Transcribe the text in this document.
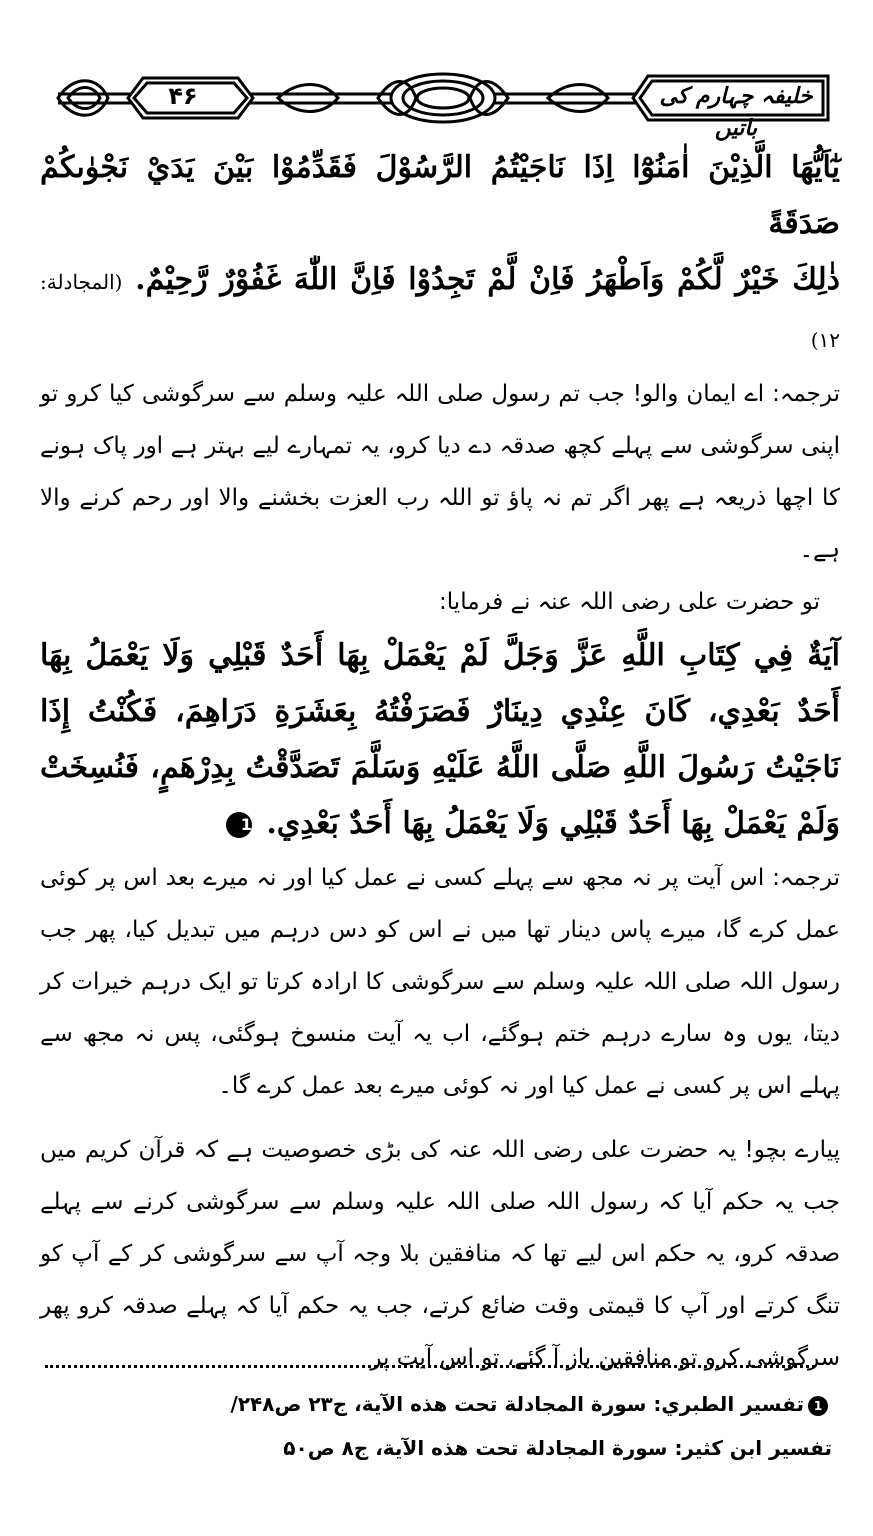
۴۶	خلیفہ چہارم کی باتیں

يٰٓاَيُّهَا الَّذِيْنَ اٰمَنُوْٓا اِذَا نَاجَيْتُمُ الرَّسُوْلَ فَقَدِّمُوْا بَيْنَ يَدَيْ نَجْوٰىكُمْ صَدَقَةً

ذٰلِكَ خَيْرٌ لَّكُمْ وَاَطْهَرُ فَاِنْ لَّمْ تَجِدُوْا فَاِنَّ اللّٰهَ غَفُوْرٌ رَّحِيْمٌ. (المجادلة: ۱۲)

ترجمہ: اے ایمان والو! جب تم رسول صلی اللہ علیہ وسلم سے سرگوشی کیا کرو تو اپنی سرگوشی سے پہلے کچھ صدقہ دے دیا کرو، یہ تمہارے لیے بہتر ہے اور پاک ہونے کا اچھا ذریعہ ہے پھر اگر تم نہ پاؤ تو اللہ رب العزت بخشنے والا اور رحم کرنے والا ہے۔

تو حضرت علی رضی اللہ عنہ نے فرمایا:

آيَةٌ فِي كِتَابِ اللَّهِ عَزَّ وَجَلَّ لَمْ يَعْمَلْ بِهَا أَحَدٌ قَبْلِي وَلَا يَعْمَلُ بِهَا أَحَدٌ بَعْدِي، كَانَ عِنْدِي دِينَارٌ فَصَرَفْتُهُ بِعَشَرَةِ دَرَاهِمَ، فَكُنْتُ إِذَا نَاجَيْتُ رَسُولَ اللَّهِ صَلَّى اللَّهُ عَلَيْهِ وَسَلَّمَ تَصَدَّقْتُ بِدِرْهَمٍ، فَنُسِخَتْ وَلَمْ يَعْمَلْ بِهَا أَحَدٌ قَبْلِي وَلَا يَعْمَلُ بِهَا أَحَدٌ بَعْدِي. 1

ترجمہ: اس آیت پر نہ مجھ سے پہلے کسی نے عمل کیا اور نہ میرے بعد اس پر کوئی عمل کرے گا، میرے پاس دینار تھا میں نے اس کو دس درہم میں تبدیل کیا، پھر جب رسول اللہ صلی اللہ علیہ وسلم سے سرگوشی کا ارادہ کرتا تو ایک درہم خیرات کر دیتا، یوں وہ سارے درہم ختم ہوگئے، اب یہ آیت منسوخ ہوگئی، پس نہ مجھ سے پہلے اس پر کسی نے عمل کیا اور نہ کوئی میرے بعد عمل کرے گا۔

پیارے بچو! یہ حضرت علی رضی اللہ عنہ کی بڑی خصوصیت ہے کہ قرآن کریم میں جب یہ حکم آیا کہ رسول اللہ صلی اللہ علیہ وسلم سے سرگوشی کرنے سے پہلے صدقہ کرو، یہ حکم اس لیے تھا کہ منافقین بلا وجہ آپ سے سرگوشی کر کے آپ کو تنگ کرتے اور آپ کا قیمتی وقت ضائع کرتے، جب یہ حکم آیا کہ پہلے صدقہ کرو پھر سرگوشی کرو تو منافقین باز آ گئے، تو اس آیت پر

1تفسير الطبري: سورة المجادلة تحت هذه الآية، ج۲۳ ص۲۴۸/

تفسير ابن كثير: سورة المجادلة تحت هذه الآية، ج۸ ص۵۰
